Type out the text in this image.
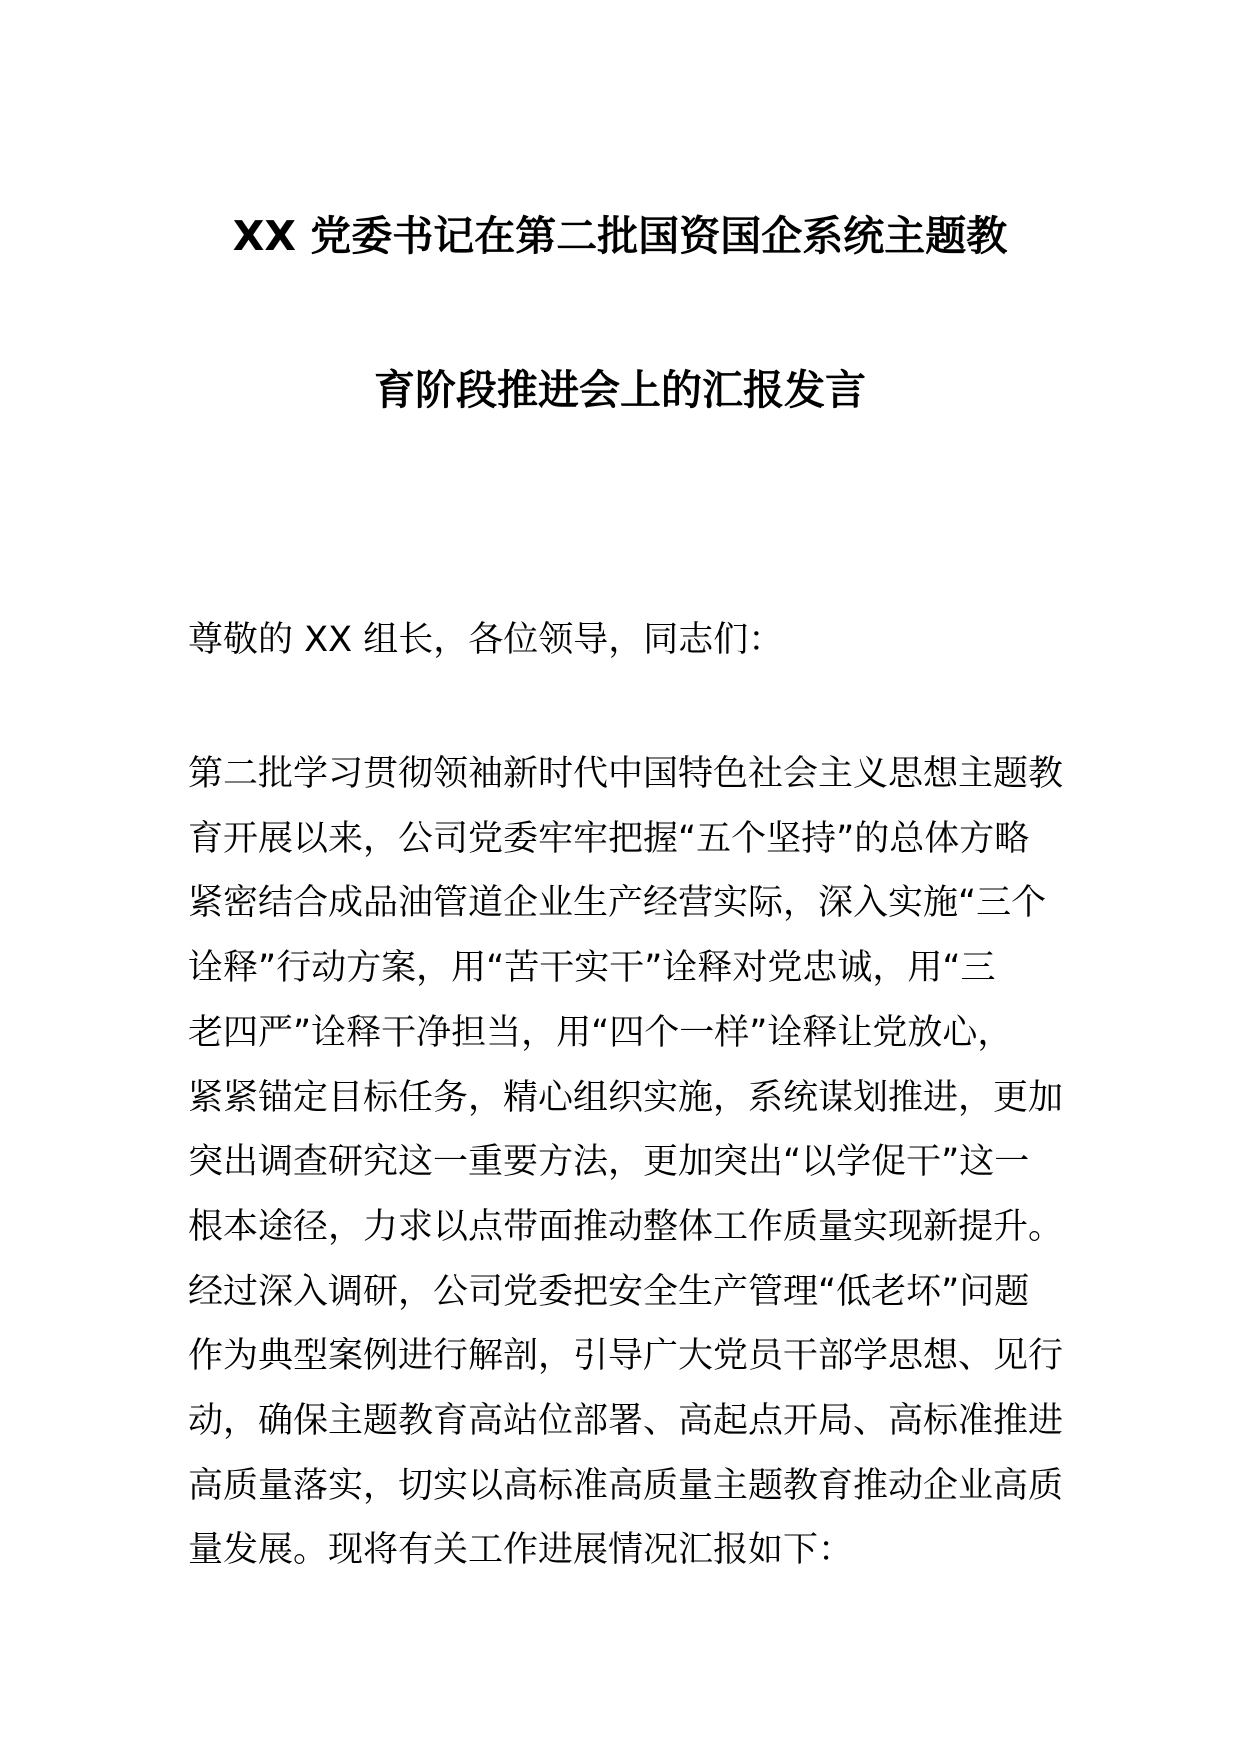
XX 党委书记在第二批国资国企系统主题教
育阶段推进会上的汇报发言
尊敬的 XX 组长，各位领导，同志们：
第二批学习贯彻领袖新时代中国特色社会主义思想主题教
育开展以来，公司党委牢牢把握“五个坚持”的总体方略
紧密结合成品油管道企业生产经营实际，深入实施“三个
诠释”行动方案，用“苦干实干”诠释对党忠诚，用“三
老四严”诠释干净担当，用“四个一样”诠释让党放心，
紧紧锚定目标任务，精心组织实施，系统谋划推进，更加
突出调查研究这一重要方法，更加突出“以学促干”这一
根本途径，力求以点带面推动整体工作质量实现新提升。
经过深入调研，公司党委把安全生产管理“低老坏”问题
作为典型案例进行解剖，引导广大党员干部学思想、见行
动，确保主题教育高站位部署、高起点开局、高标准推进
高质量落实，切实以高标准高质量主题教育推动企业高质
量发展。现将有关工作进展情况汇报如下：
